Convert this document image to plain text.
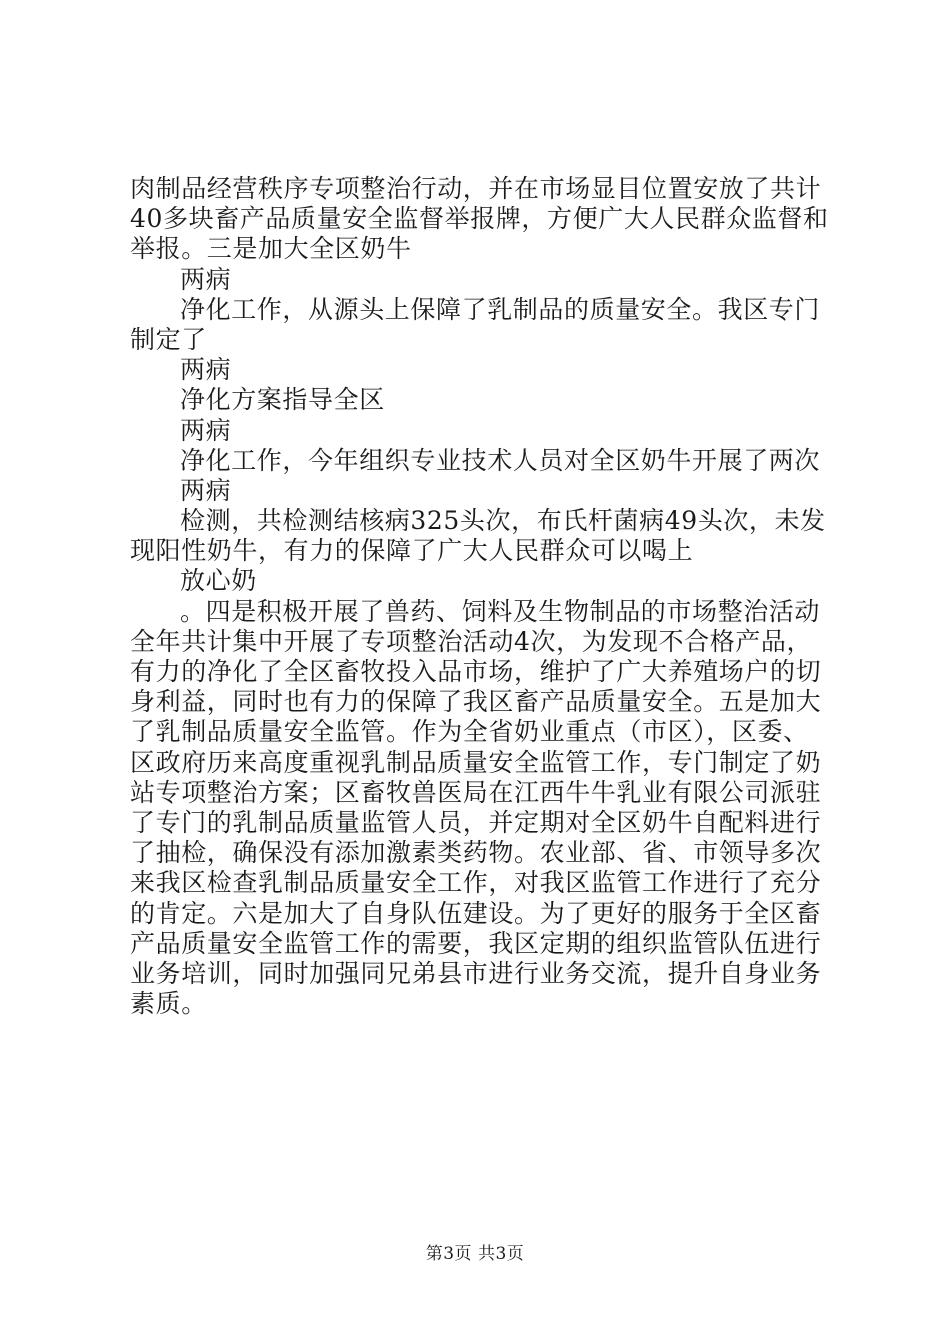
肉制品经营秩序专项整治行动，并在市场显目位置安放了共计
40多块畜产品质量安全监督举报牌，方便广大人民群众监督和
举报。三是加大全区奶牛
两病
净化工作，从源头上保障了乳制品的质量安全。我区专门
制定了
两病
净化方案指导全区
两病
净化工作，今年组织专业技术人员对全区奶牛开展了两次
两病
检测，共检测结核病325头次，布氏杆菌病49头次，未发
现阳性奶牛，有力的保障了广大人民群众可以喝上
放心奶
。四是积极开展了兽药、饲料及生物制品的市场整治活动
全年共计集中开展了专项整治活动4次，为发现不合格产品，
有力的净化了全区畜牧投入品市场，维护了广大养殖场户的切
身利益，同时也有力的保障了我区畜产品质量安全。五是加大
了乳制品质量安全监管。作为全省奶业重点（市区），区委、
区政府历来高度重视乳制品质量安全监管工作，专门制定了奶
站专项整治方案；区畜牧兽医局在江西牛牛乳业有限公司派驻
了专门的乳制品质量监管人员，并定期对全区奶牛自配料进行
了抽检，确保没有添加激素类药物。农业部、省、市领导多次
来我区检查乳制品质量安全工作，对我区监管工作进行了充分
的肯定。六是加大了自身队伍建设。为了更好的服务于全区畜
产品质量安全监管工作的需要，我区定期的组织监管队伍进行
业务培训，同时加强同兄弟县市进行业务交流，提升自身业务
素质。
第3页 共3页
